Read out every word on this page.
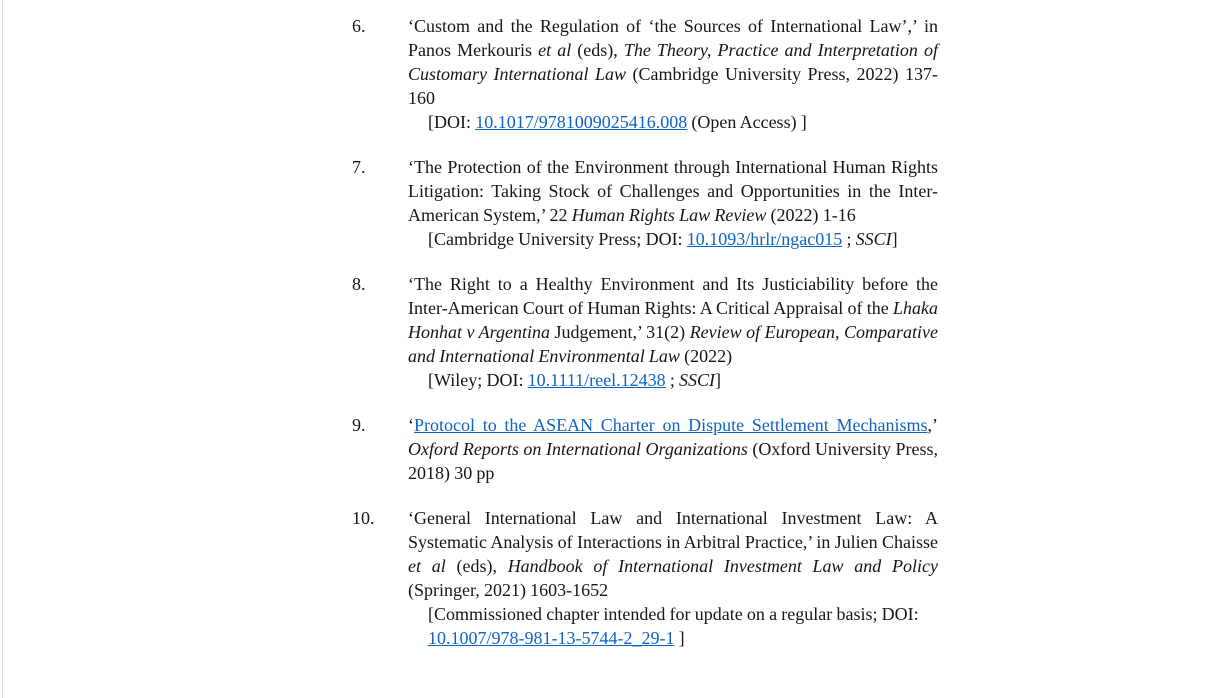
6.	‘Custom and the Regulation of ‘the Sources of International Law’,’ in Panos Merkouris et al (eds), The Theory, Practice and Interpretation of Customary International Law (Cambridge University Press, 2022) 137-160

[DOI: 10.1017/9781009025416.008 (Open Access) ]

7.	‘The Protection of the Environment through International Human Rights Litigation: Taking Stock of Challenges and Opportunities in the Inter-American System,’ 22 Human Rights Law Review (2022) 1-16

[Cambridge University Press; DOI: 10.1093/hrlr/ngac015 ; SSCI]

8.	‘The Right to a Healthy Environment and Its Justiciability before the Inter-American Court of Human Rights: A Critical Appraisal of the Lhaka Honhat v Argentina Judgement,’ 31(2) Review of European, Comparative and International Environmental Law (2022)

[Wiley; DOI: 10.1111/reel.12438 ; SSCI]

9.	‘Protocol to the ASEAN Charter on Dispute Settlement Mechanisms,’ Oxford Reports on International Organizations (Oxford University Press, 2018) 30 pp

10.	‘General International Law and International Investment Law: A Systematic Analysis of Interactions in Arbitral Practice,’ in Julien Chaisse et al (eds), Handbook of International Investment Law and Policy (Springer, 2021) 1603-1652

[Commissioned chapter intended for update on a regular basis; DOI: 10.1007/978-981-13-5744-2_29-1 ]
